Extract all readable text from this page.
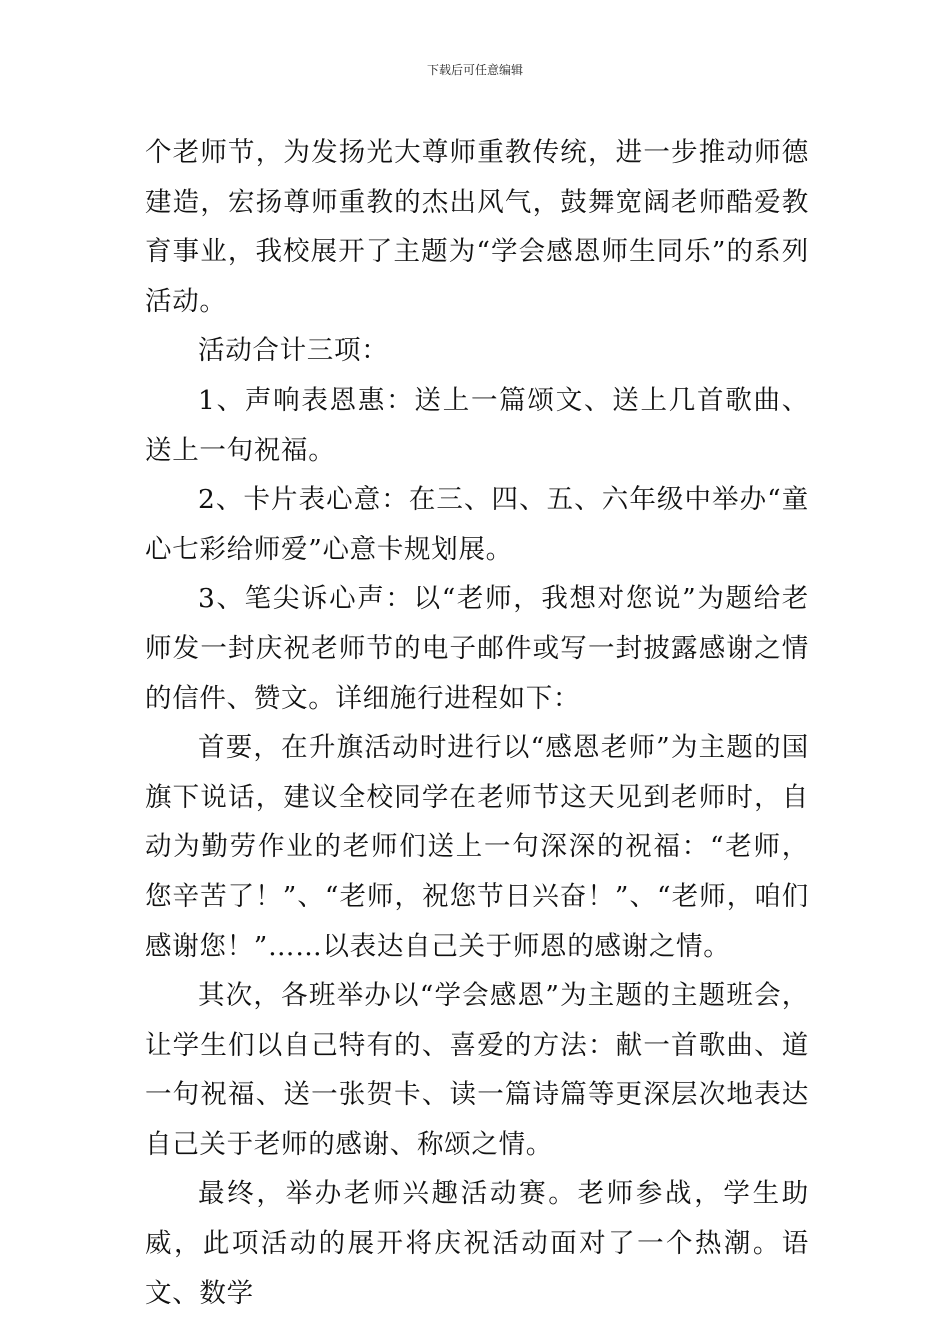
下载后可任意编辑

个老师节，为发扬光大尊师重教传统，进一步推动师德建造，宏扬尊师重教的杰出风气，鼓舞宽阔老师酷爱教育事业，我校展开了主题为“学会感恩师生同乐”的系列活动。

活动合计三项：

1、声响表恩惠：送上一篇颂文、送上几首歌曲、送上一句祝福。

2、卡片表心意：在三、四、五、六年级中举办“童心七彩给师爱”心意卡规划展。

3、笔尖诉心声：以“老师，我想对您说”为题给老师发一封庆祝老师节的电子邮件或写一封披露感谢之情的信件、赞文。详细施行进程如下：

首要，在升旗活动时进行以“感恩老师”为主题的国旗下说话，建议全校同学在老师节这天见到老师时，自动为勤劳作业的老师们送上一句深深的祝福：“老师，您辛苦了！”、“老师，祝您节日兴奋！”、“老师，咱们感谢您！”……以表达自己关于师恩的感谢之情。

其次，各班举办以“学会感恩”为主题的主题班会，让学生们以自己特有的、喜爱的方法：献一首歌曲、道一句祝福、送一张贺卡、读一篇诗篇等更深层次地表达自己关于老师的感谢、称颂之情。

最终，举办老师兴趣活动赛。老师参战，学生助威，此项活动的展开将庆祝活动面对了一个热潮。语文、数学
